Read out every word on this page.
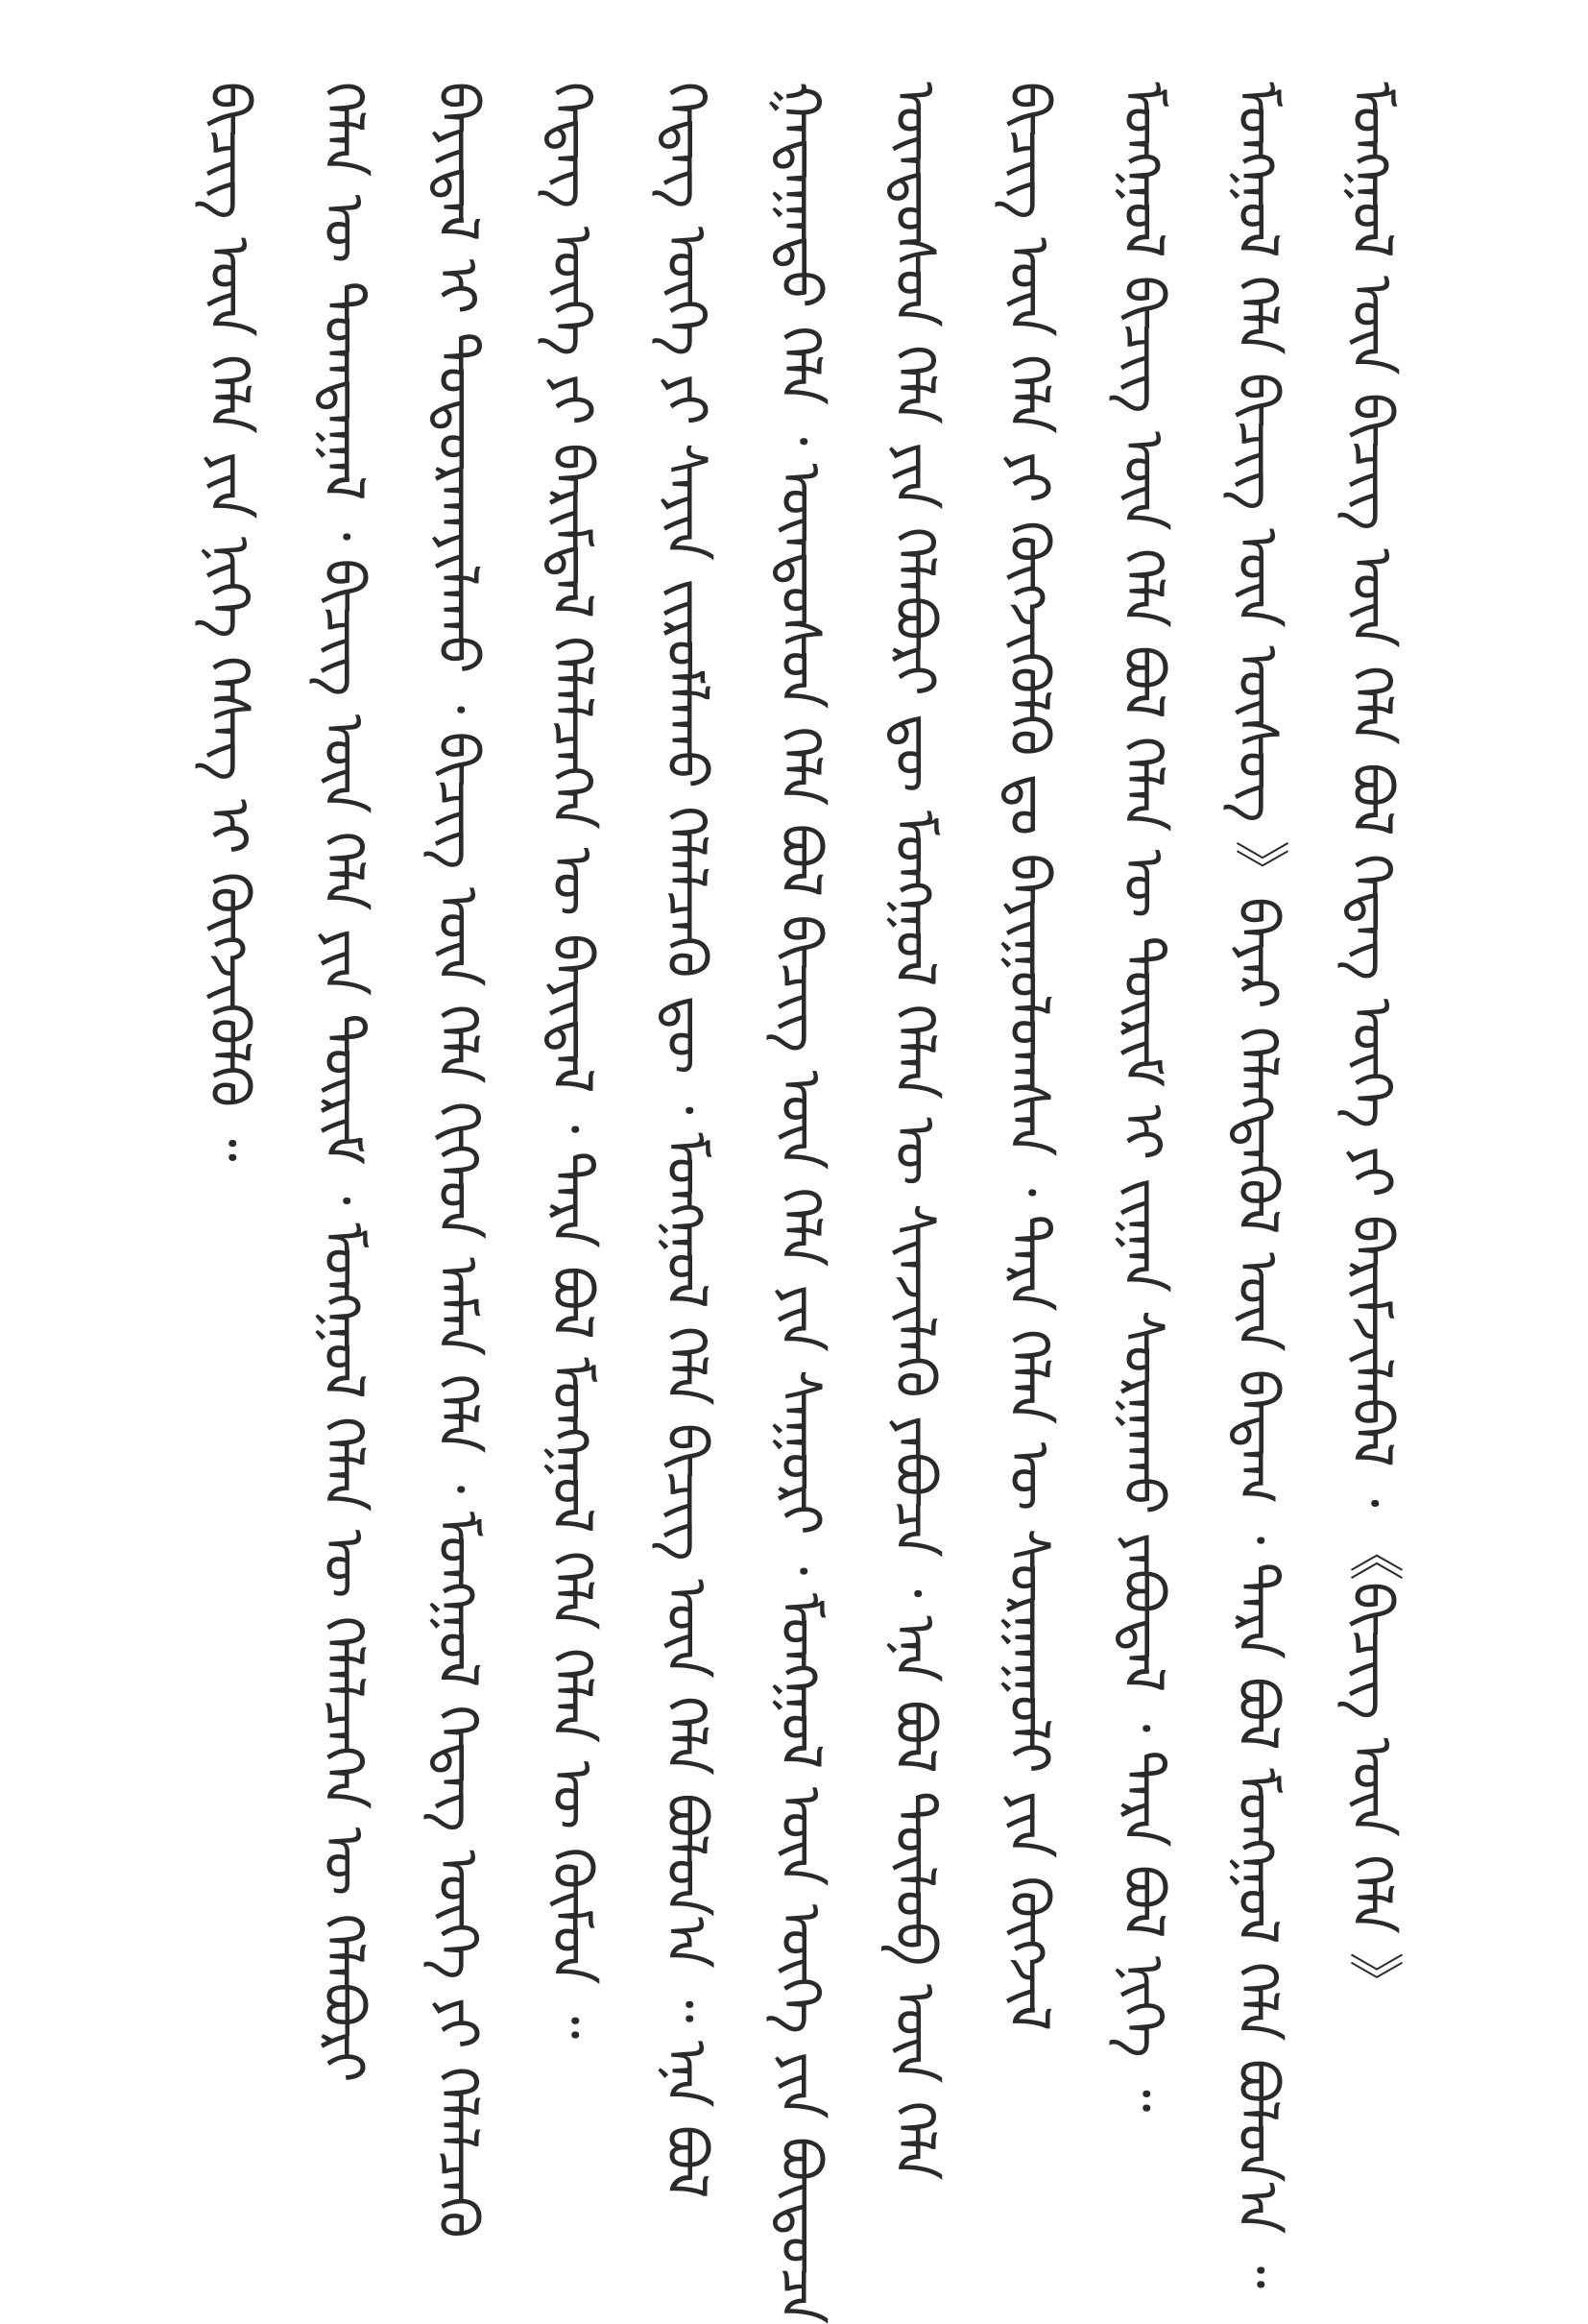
ᠮᠤᠩᠭᠤᠯ ᠦᠨ ᠪᠢᠴᠢᠭ ᠦᠨ ᠬᠡᠯᠡ ᠪᠣᠯ ᠭᠡᠳᠡᠭ ᠦᠭᠡ ᠶᠢ ᠪᠠᠷᠢᠮᠵᠢᠯᠠᠪᠠᠯ ᠂ 《ᠪᠢᠴᠢᠭ ᠦᠨ ᠬᠡᠯᠡ 》
ᠮᠣᠩᠭᠣᠯ ᠬᠡᠯᠡ ᠪᠢᠴᠢᠭ ᠦᠨ ᠦᠰᠦᠭ 》ᠪᠠᠶᠠᠷ ᠬᠡᠯᠡᠭᠳᠡᠭᠦᠯ ᠦᠨ ᠪᠠᠳᠠᠭ ᠂ ᠲᠡᠷᠡ ᠪᠣᠯ ᠮᠣᠩᠭᠣᠯ ᠬᠡᠯᠡ ᠪᠣᠯᠤᠨ᠎ᠠ ᠃
ᠮᠣᠩᠭᠣᠯ ᠪᠢᠴᠢᠭ ᠦᠨ ᠬᠡᠯᠡ ᠪᠣᠯ ᠬᠡᠯᠡᠨ ᠦ ᠳᠦᠷᠢᠮ ᠢ ᠵᠢᠭᠠᠨ ᠰᠤᠷᠭᠠᠬᠤ ᠶᠠᠪᠤᠳᠠᠯ ᠂ ᠲᠡᠷᠡ ᠪᠣᠯ ᠨᠢᠭᠡ ᠃
ᠪᠢᠴᠢᠭ ᠦᠨ ᠬᠡᠯᠡ ᠶᠢ ᠬᠥᠭᠵᠢᠭᠦᠯᠬᠦ ᠳᠤ ᠪᠠᠶᠢᠭᠤᠯᠤᠭᠰᠠᠨ ᠂ ᠲᠡᠷᠡ ᠬᠡᠯᠡᠨ ᠦ ᠰᠤᠷᠭᠠᠭᠤᠯᠢ ᠶᠢᠨ ᠬᠥᠭᠵᠢᠯ
ᠦᠨᠳᠦᠰᠦᠨ ᠬᠡᠯᠡ ᠶᠢᠨ ᠬᠡᠯᠡᠪᠦᠷᠢ ᠳᠦ ᠮᠣᠩᠭᠣᠯ ᠬᠡᠯᠡᠨ ᠦ ᠰᠢᠨᠵᠢᠯᠡᠬᠦ ᠶᠠᠪᠤᠴᠠ ᠂ ᠡᠨᠡ ᠪᠣᠯ ᠲᠥᠯᠥᠪ ᠦᠨ ᠬᠡᠯᠡ
ᠭᠠᠳᠠᠭᠠᠳᠤ ᠬᠡᠯᠡ ᠂ ᠦᠨᠳᠦᠰᠦᠨ ᠬᠡᠯᠡ ᠪᠣᠯ ᠪᠢᠴᠢᠭ ᠦᠨ ᠬᠡᠯᠡ ᠶᠢᠨ ᠰᠠᠭᠤᠷᠢ ᠂ ᠮᠣᠩᠭᠣᠯ ᠦᠨ ᠦᠭᠡ ᠶᠢᠨ ᠪᠦᠲᠦᠴᠡ
ᠭᠡᠳᠡᠭ ᠦᠭᠡ ᠶᠢ ᠰᠠᠶᠢᠨ ᠵᠢᠷᠤᠮᠯᠠᠬᠤ ᠬᠡᠯᠡᠯᠴᠡᠬᠦ ᠳᠦ ᠂ ᠮᠣᠩᠭᠣᠯ ᠬᠡᠯᠡ ᠪᠢᠴᠢᠭ ᠦᠨ ᠬᠡᠯᠡ ᠪᠣᠯᠤᠨ᠎ᠠ ᠃ ᠡᠨᠡ ᠪᠣᠯ
ᠭᠡᠳᠡᠭ ᠦᠭᠡ ᠶᠢ ᠪᠠᠷᠢᠮᠳᠠᠯ ᠬᠡᠯᠡᠯᠴᠡᠭᠡᠨ ᠦ ᠪᠠᠶᠢᠳᠠᠯ ᠂ ᠲᠡᠷᠡ ᠪᠣᠯ ᠮᠣᠩᠭᠣᠯ ᠬᠡᠯᠡ ᠬᠡᠯᠡᠨ ᠦ ᠬᠦᠮᠦᠨ ᠃
ᠪᠠᠶᠢᠳᠠᠯ ᠢ ᠲᠣᠳᠣᠷᠬᠠᠶᠢᠯᠠᠬᠤ ᠂ ᠪᠢᠴᠢᠭ ᠦᠨ ᠬᠡᠯᠡ ᠬᠢᠭᠡᠳ ᠠᠮᠠᠨ ᠬᠡᠯᠡ ᠂ ᠮᠣᠩᠭᠣᠯ ᠭᠡᠳᠡᠭ ᠦᠭᠡ ᠶᠢ ᠬᠡᠯᠡᠯᠴᠡᠬᠦ
ᠬᠡᠯᠡᠨ ᠦ ᠲᠣᠭᠲᠠᠭᠠᠯ ᠂ ᠪᠢᠴᠢᠭ ᠦᠨ ᠬᠡᠯᠡ ᠶᠢᠨ ᠳᠦᠷᠢᠮ ᠂ ᠮᠣᠩᠭᠣᠯ ᠬᠡᠯᠡᠨ ᠦ ᠬᠡᠯᠡᠯᠴᠡᠭᠡᠨ ᠦ ᠬᠡᠯᠡᠪᠦᠷᠢ
ᠪᠢᠴᠢᠭ ᠦᠨ ᠬᠡᠯᠡ ᠶᠢᠨ ᠨᠢᠭᠡ ᠬᠡᠰᠡᠭ ᠢ ᠬᠥᠭᠵᠢᠭᠦᠯᠬᠦ ᠃
